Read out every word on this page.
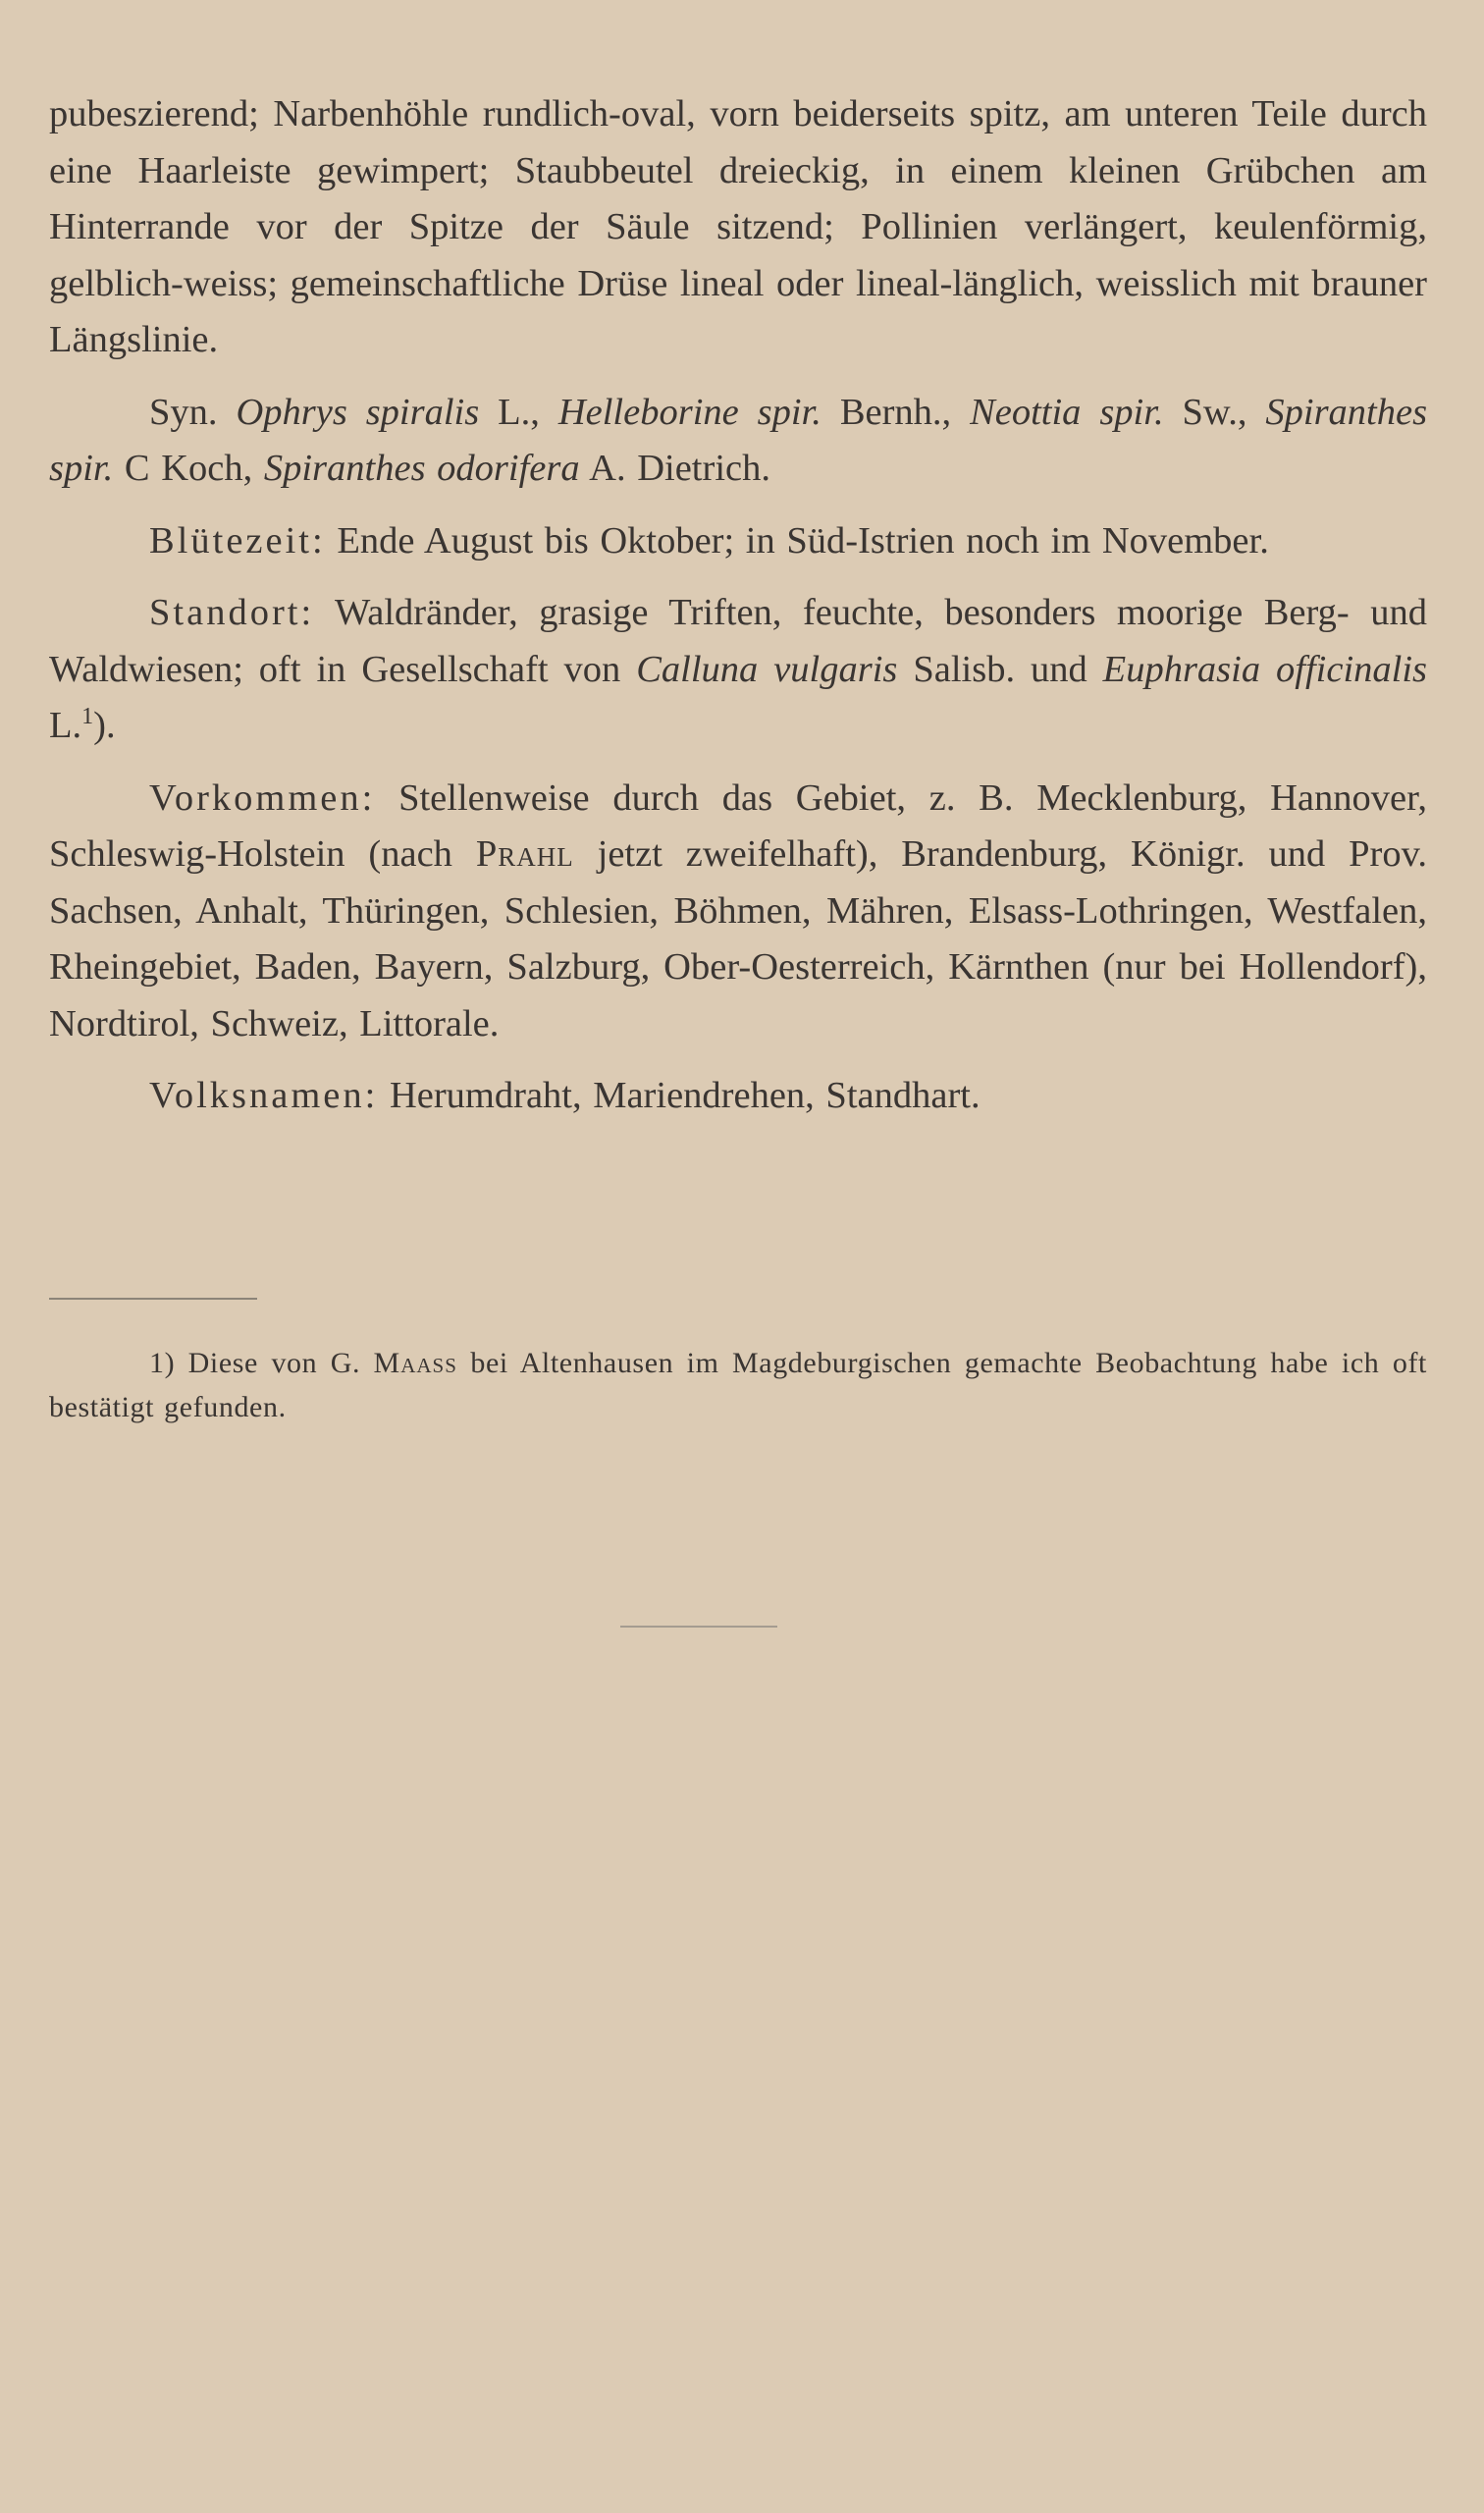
pubeszierend; Narbenhöhle rundlich-oval, vorn beiderseits spitz, am unteren Teile durch eine Haarleiste gewimpert; Staubbeutel dreieckig, in einem kleinen Grübchen am Hinterrande vor der Spitze der Säule sitzend; Pollinien verlängert, keulenförmig, gelblich-weiss; gemeinschaftliche Drüse lineal oder lineal-länglich, weisslich mit brauner Längslinie.

Syn. Ophrys spiralis L., Helleborine spir. Bernh., Neottia spir. Sw., Spiranthes spir. C Koch, Spiranthes odorifera A. Dietrich.

Blütezeit: Ende August bis Oktober; in Süd-Istrien noch im November.

Standort: Waldränder, grasige Triften, feuchte, besonders moorige Berg- und Waldwiesen; oft in Gesellschaft von Calluna vulgaris Salisb. und Euphrasia officinalis L.$^1$).

Vorkommen: Stellenweise durch das Gebiet, z. B. Mecklenburg, Hannover, Schleswig-Holstein (nach Prahl jetzt zweifelhaft), Brandenburg, Königr. und Prov. Sachsen, Anhalt, Thüringen, Schlesien, Böhmen, Mähren, Elsass-Lothringen, Westfalen, Rheingebiet, Baden, Bayern, Salzburg, Ober-Oesterreich, Kärnthen (nur bei Hollendorf), Nordtirol, Schweiz, Littorale.

Volksnamen: Herumdraht, Mariendrehen, Standhart.

1) Diese von G. Maass bei Altenhausen im Magdeburgischen gemachte Beobachtung habe ich oft bestätigt gefunden.
